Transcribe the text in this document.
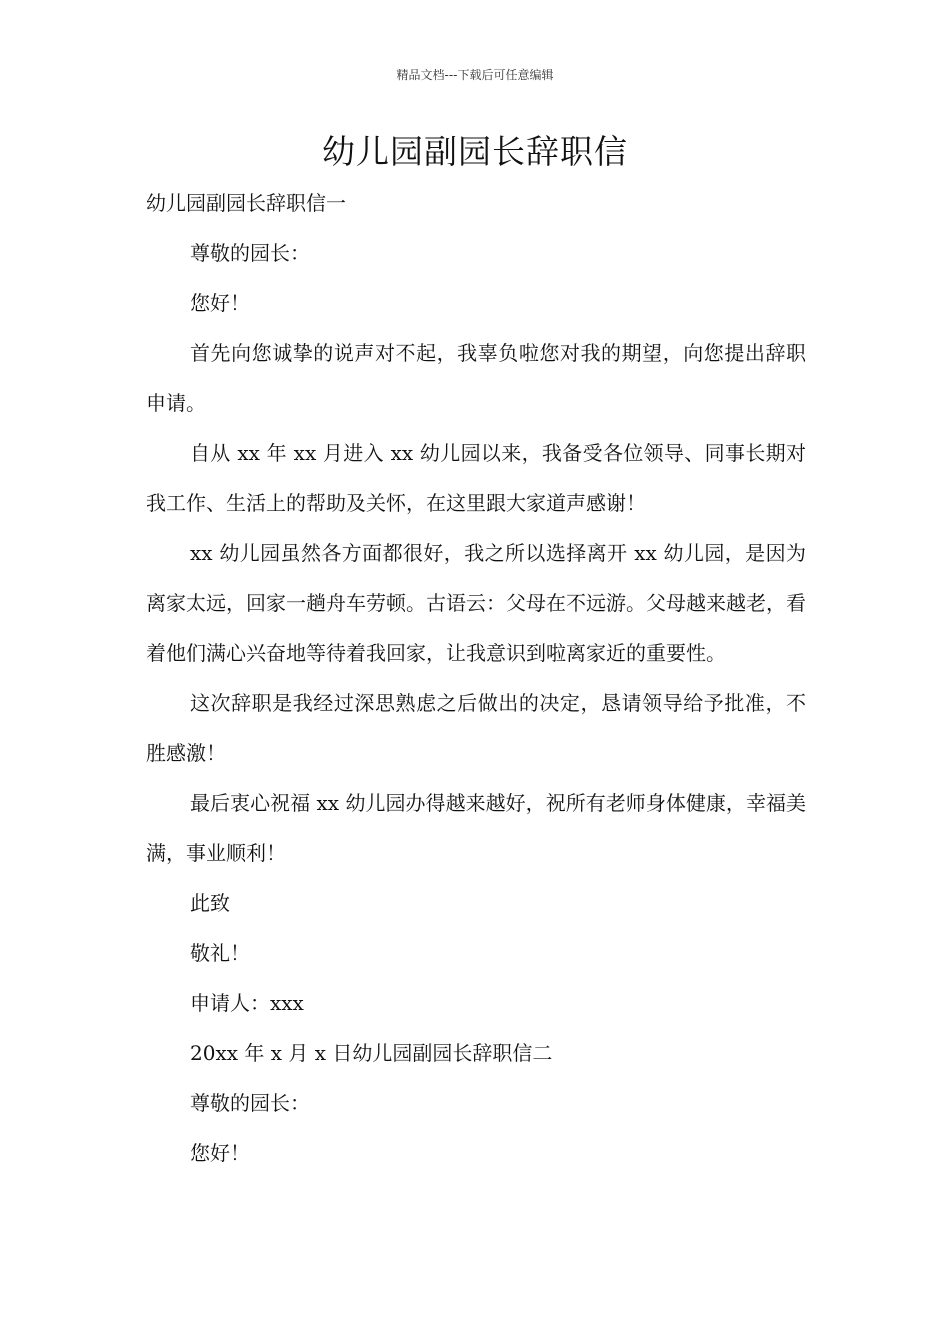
精品文档---下载后可任意编辑
幼儿园副园长辞职信

幼儿园副园长辞职信一

尊敬的园长：

您好！

首先向您诚挚的说声对不起，我辜负啦您对我的期望，向您提出辞职申请。

自从 xx 年 xx 月进入 xx 幼儿园以来，我备受各位领导、同事长期对我工作、生活上的帮助及关怀，在这里跟大家道声感谢！

xx 幼儿园虽然各方面都很好，我之所以选择离开 xx 幼儿园，是因为离家太远，回家一趟舟车劳顿。古语云：父母在不远游。父母越来越老，看着他们满心兴奋地等待着我回家，让我意识到啦离家近的重要性。

这次辞职是我经过深思熟虑之后做出的决定，恳请领导给予批准，不胜感激！

最后衷心祝福 xx 幼儿园办得越来越好，祝所有老师身体健康，幸福美满，事业顺利！

此致

敬礼！

申请人：xxx

20xx 年 x 月 x 日幼儿园副园长辞职信二

尊敬的园长：

您好！
